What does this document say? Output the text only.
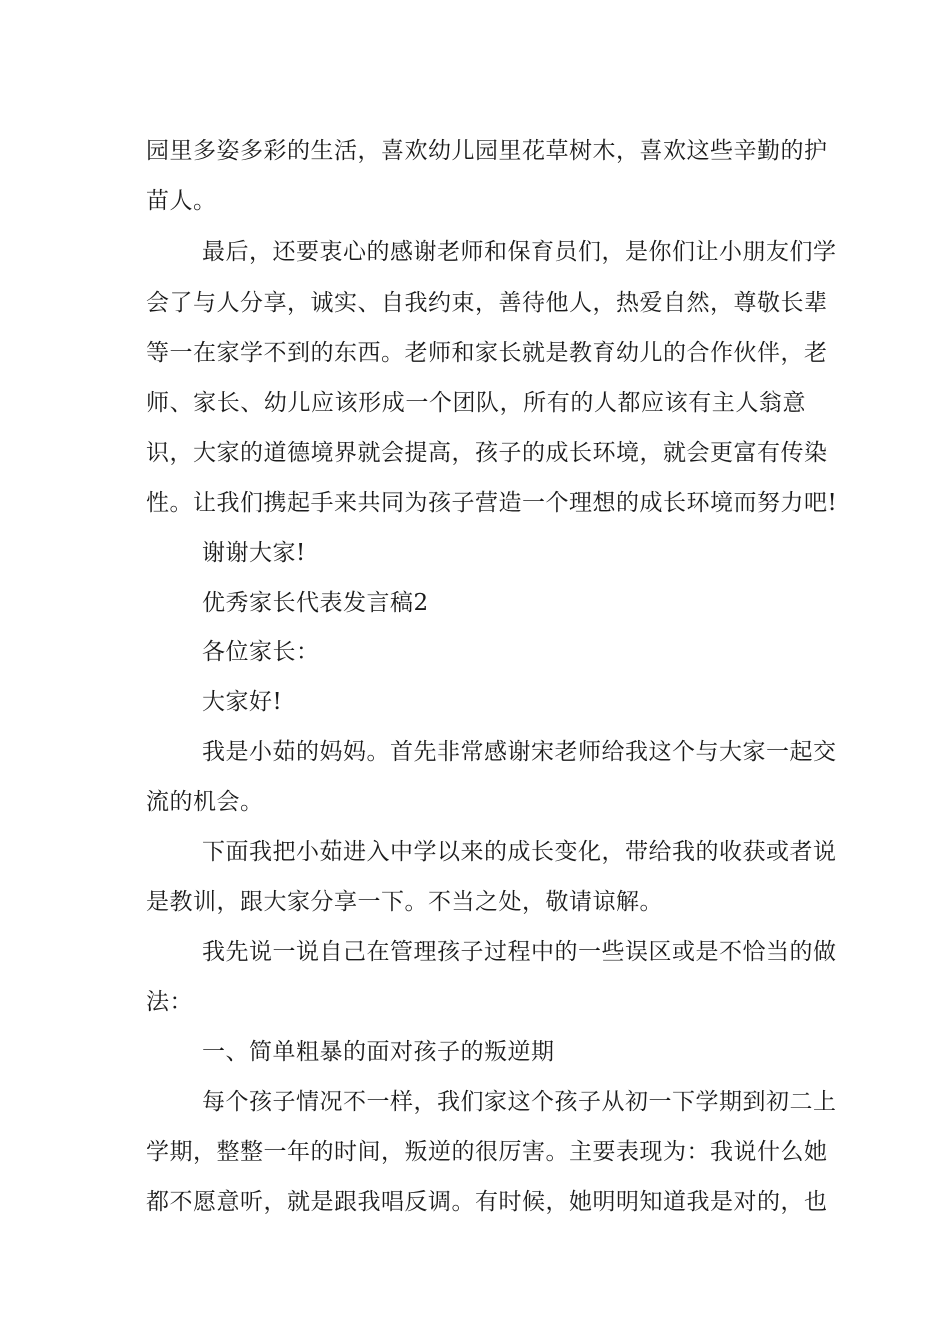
园里多姿多彩的生活，喜欢幼儿园里花草树木，喜欢这些辛勤的护
苗人。
最后，还要衷心的感谢老师和保育员们，是你们让小朋友们学
会了与人分享，诚实、自我约束，善待他人，热爱自然，尊敬长辈
等一在家学不到的东西。老师和家长就是教育幼儿的合作伙伴，老
师、家长、幼儿应该形成一个团队，所有的人都应该有主人翁意
识，大家的道德境界就会提高，孩子的成长环境，就会更富有传染
性。让我们携起手来共同为孩子营造一个理想的成长环境而努力吧!
谢谢大家!
优秀家长代表发言稿2
各位家长：
大家好!
我是小茹的妈妈。首先非常感谢宋老师给我这个与大家一起交
流的机会。
下面我把小茹进入中学以来的成长变化，带给我的收获或者说
是教训，跟大家分享一下。不当之处，敬请谅解。
我先说一说自己在管理孩子过程中的一些误区或是不恰当的做
法：
一、简单粗暴的面对孩子的叛逆期
每个孩子情况不一样，我们家这个孩子从初一下学期到初二上
学期，整整一年的时间，叛逆的很厉害。主要表现为：我说什么她
都不愿意听，就是跟我唱反调。有时候，她明明知道我是对的，也
